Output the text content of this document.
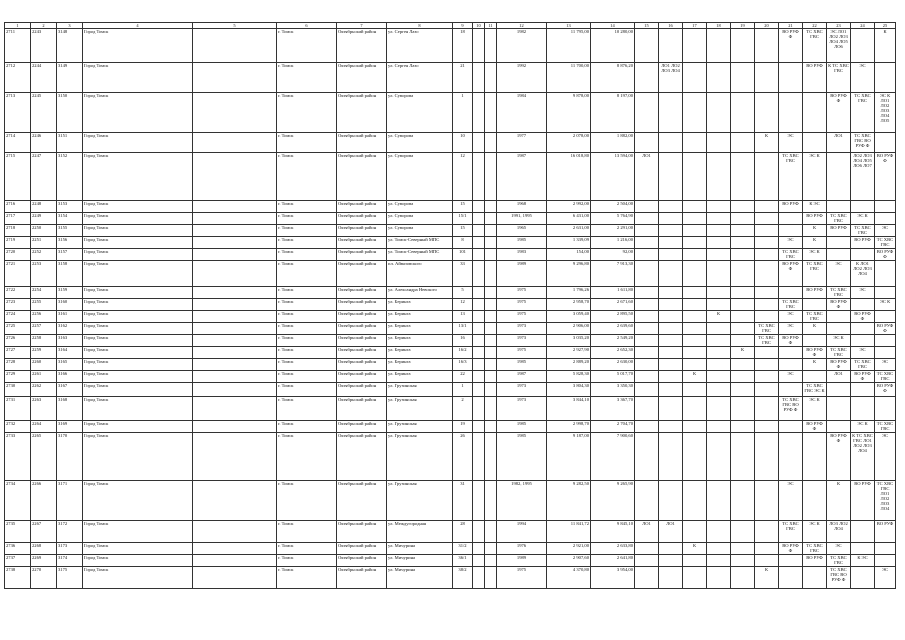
1	2	3	4	5	6	7	8	9	10	11	12	13	14	15	16	17	18	19	20	21	22	23	24	25
2711	2243	3148	Город Томск		г. Томск	Октябрьский район	ул. Сергея Лазо	18			1982	11 795,00	10 280,00							ВО РУФ Ф	ТС ХВС ГВС	ЭС ЛО1 ЛО2 ЛО3 ЛО4 ЛО5 ЛО6		К
2712	2244	3149	Город Томск		г. Томск	Октябрьский район	ул. Сергея Лазо	21			1992	11 700,00	8 876,20		ЛО1 ЛО2 ЛО3 ЛО4						ВО РУФ	К ТС ХВС ГВС	ЭС	
2713	2245	3150	Город Томск		г. Томск	Октябрьский район	ул. Суворова	1			1984	9 878,00	8 197,00									ВО РУФ Ф	ТС ХВС ГВС	ЭС К ЛО1 ЛО2 ЛО3 ЛО4 ЛО5
2714	2246	3151	Город Томск		г. Томск	Октябрьский район	ул. Суворова	10			1977	2 078,00	1 882,00						К	ЭС		ЛО1	ТС ХВС ГВС ВО РУФ Ф	
2715	2247	3152	Город Томск		г. Томск	Октябрьский район	ул. Суворова	12			1987	16 018,80	13 594,00	ЛО1						ТС ХВС ГВС	ЭС К		ЛО2 ЛО3 ЛО4 ЛО5 ЛО6 ЛО7	ВО РУФ Ф
2716	2248	3153	Город Томск		г. Томск	Октябрьский район	ул. Суворова	15			1968	2 992,00	2 504,00							ВО РУФ	К ЭС			
2717	2249	3154	Город Томск		г. Томск	Октябрьский район	ул. Суворова	15/1			1991, 1995	6 431,00	5 764,90								ВО РУФ	ТС ХВС ГВС	ЭС К	
2718	2250	3155	Город Томск		г. Томск	Октябрьский район	ул. Суворова	15			1965	2 631,00	2 291,00								К	ВО РУФ	ТС ХВС ГВС	ЭС
2719	2251	3156	Город Томск		г. Томск	Октябрьский район	ул. Томск-Северный МПС	8			1985	1 339,09	1 216,00							ЭС	К		ВО РУФ	ТС ХВС ГВС
2720	2252	3157	Город Томск		г. Томск	Октябрьский район	ул. Томск-Северный МПС	101			1983	154,00	92,00							ТС ХВС ГВС	ЭС К			ВО РУФ Ф
2721	2253	3158	Город Томск		г. Томск	Октябрьский район	пл. Айвазовского	33			1989	9 296,80	7 913,30							ВО РУФ Ф	ТС ХВС ГВС	ЭС	К ЛО1 ЛО2 ЛО3 ЛО4	
2722	2254	3159	Город Томск		г. Томск	Октябрьский район	ул. Александра Невского	5			1975	1 796,26	1 611,80								ВО РУФ	ТС ХВС ГВС	ЭС	
2723	2255	3160	Город Томск		г. Томск	Октябрьский район	ул. Беринга	12			1975	2 958,70	2 671,60							ТС ХВС ГВС		ВО РУФ Ф		ЭС К
2724	2256	3161	Город Томск		г. Томск	Октябрьский район	ул. Беринга	13			1975	3 059,40	2 895,50				К			ЭС	ТС ХВС ГВС		ВО РУФ Ф	
2725	2257	3162	Город Томск		г. Томск	Октябрьский район	ул. Беринга	13/1			1973	2 906,00	2 639,60						ТС ХВС ГВС	ЭС	К			ВО РУФ Ф
2726	2258	3163	Город Томск		г. Томск	Октябрьский район	ул. Беринга	16			1973	3 035,20	2 549,20						ТС ХВС ГВС	ВО РУФ Ф		ЭС К		
2727	2259	3164	Город Томск		г. Томск	Октябрьский район	ул. Беринга	16/2			1975	2 927,90	2 652,30					К			ВО РУФ Ф	ТС ХВС ГВС	ЭС	
2728	2260	3165	Город Томск		г. Томск	Октябрьский район	ул. Беринга	16/3			1985	2 889,20	2 630,00								К	ВО РУФ Ф	ТС ХВС ГВС	ЭС
2729	2261	3166	Город Томск		г. Томск	Октябрьский район	ул. Беринга	22			1987	5 828,30	5 017,70			К				ЭС		ЛО1	ВО РУФ Ф	ТС ХВС ГВС
2730	2262	3167	Город Томск		г. Томск	Октябрьский район	ул. Грузинская	1			1973	3 804,30	3 350,30								ТС ХВС ГВС ЭС К			ВО РУФ Ф
2731	2263	3168	Город Томск		г. Томск	Октябрьский район	ул. Грузинская	2			1973	3 844,10	3 367,70							ТС ХВС ГВС ВО РУФ Ф	ЭС К			
2732	2264	3169	Город Томск		г. Томск	Октябрьский район	ул. Грузинская	19			1985	2 998,70	2 704,70								ВО РУФ Ф		ЭС К	ТС ХВС ГВС
2733	2265	3170	Город Томск		г. Томск	Октябрьский район	ул. Грузинская	26			1985	9 187,00	7 900,60									ВО РУФ Ф	К ТС ХВС ГВС ЛО1 ЛО2 ЛО3 ЛО4	ЭС
2734	2266	3171	Город Томск		г. Томск	Октябрьский район	ул. Грузинская	31			1982, 1995	9 282,50	9 265,90							ЭС		К	ВО РУФ	ТС ХВС ГВС ЛО1 ЛО2 ЛО3 ЛО4
2735	2267	3172	Город Томск		г. Томск	Октябрьский район	ул. Междугородная	28			1994	11 841,72	9 845,10	ЛО1	ЛО1					ТС ХВС ГВС	ЭС К	ЛО3 ЛО2 ЛО4		ВО РУФ
2736	2268	3173	Город Томск		г. Томск	Октябрьский район	ул. Мичурина	31/2			1976	2 921,00	2 633,80			К				ВО РУФ Ф	ТС ХВС ГВС	ЭС		
2737	2269	3174	Город Томск		г. Томск	Октябрьский район	ул. Мичурина	36/1			1989	2 907,60	2 641,80								ВО РУФ	ТС ХВС ГВС	К ЭС	
2738	2270	3175	Город Томск		г. Томск	Октябрьский район	ул. Мичурина	38/2			1975	4 370,80	3 954,00						К			ТС ХВС ГВС ВО РУФ Ф		ЭС
